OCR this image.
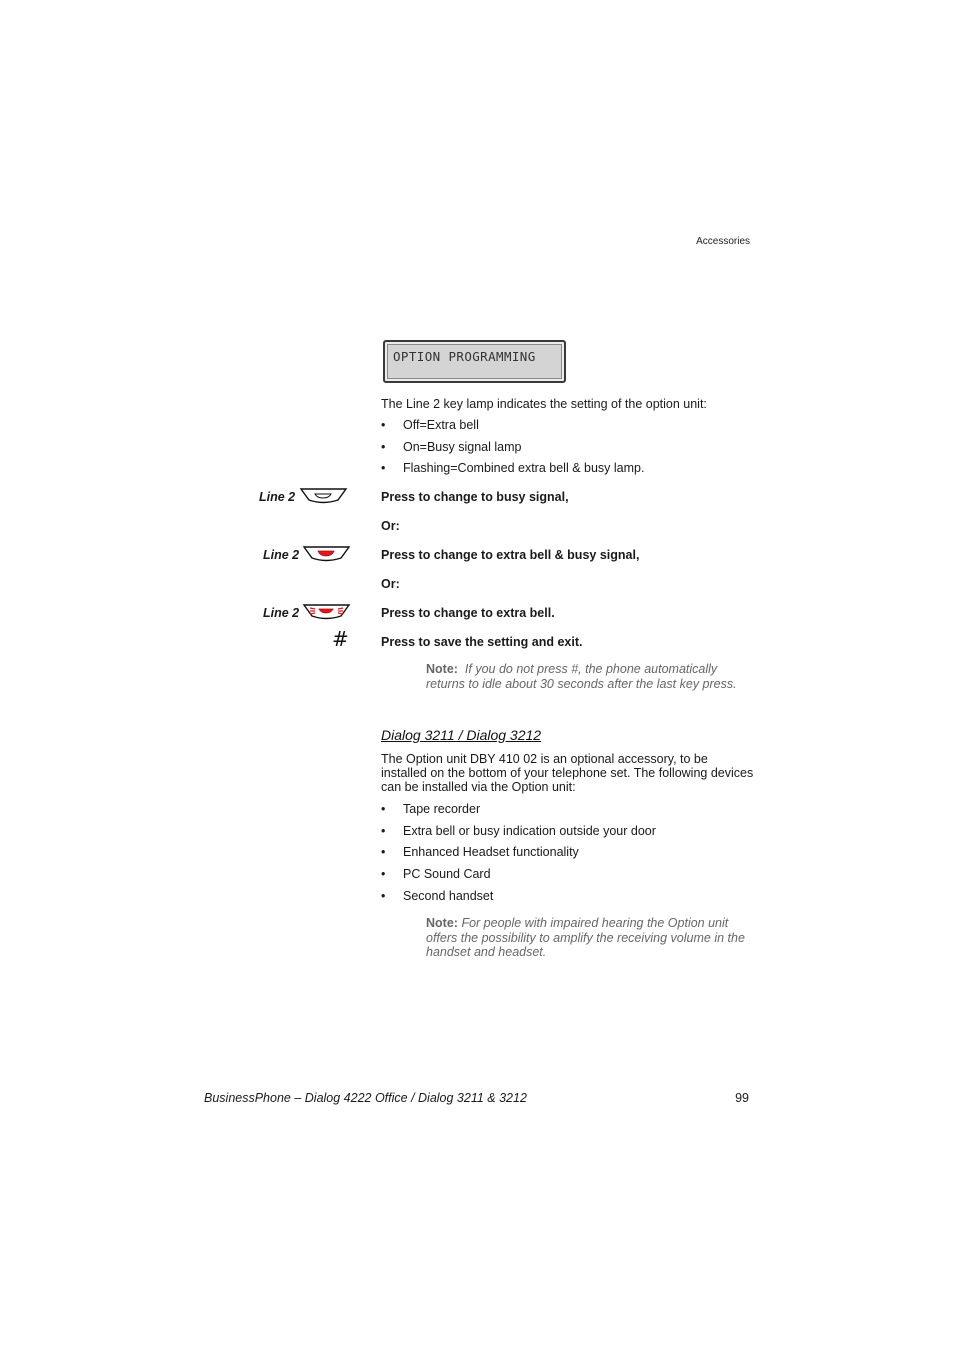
Accessories
OPTION PROGRAMMING
The Line 2 key lamp indicates the setting of the option unit:
• Off=Extra bell
• On=Busy signal lamp
• Flashing=Combined extra bell & busy lamp.
Line 2	Press to change to busy signal,
Or:
Line 2	Press to change to extra bell & busy signal,
Or:
Line 2	Press to change to extra bell.
#	Press to save the setting and exit.
Note: If you do not press #, the phone automatically
returns to idle about 30 seconds after the last key press.
Dialog 3211 / Dialog 3212
The Option unit DBY 410 02 is an optional accessory, to be
installed on the bottom of your telephone set. The following devices
can be installed via the Option unit:
• Tape recorder
• Extra bell or busy indication outside your door
• Enhanced Headset functionality
• PC Sound Card
• Second handset
Note: For people with impaired hearing the Option unit
offers the possibility to amplify the receiving volume in the
handset and headset.
BusinessPhone – Dialog 4222 Office / Dialog 3211 & 3212	99
